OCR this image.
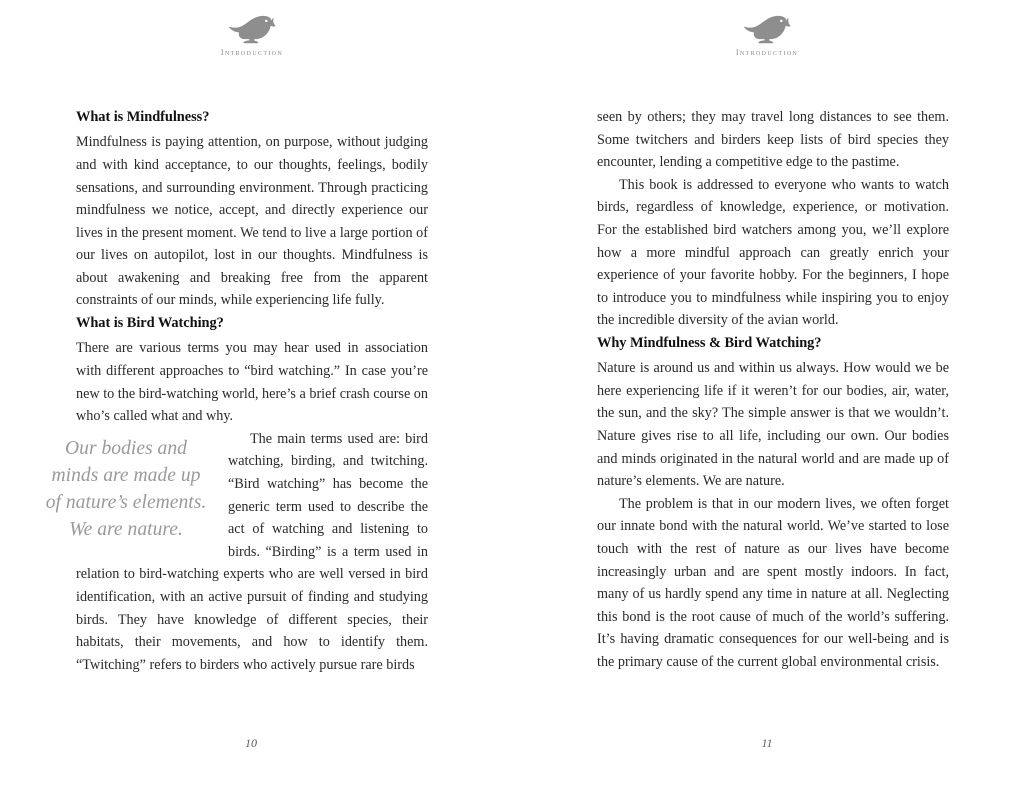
introduction
What is Mindfulness?

Mindfulness is paying attention, on purpose, without judging and with kind acceptance, to our thoughts, feelings, bodily sensations, and surrounding environment. Through practicing mindfulness we notice, accept, and directly experience our lives in the present moment. We tend to live a large portion of our lives on autopilot, lost in our thoughts. Mindfulness is about awakening and breaking free from the apparent constraints of our minds, while experiencing life fully.

What is Bird Watching?

There are various terms you may hear used in association with different approaches to “bird watching.” In case you’re new to the bird-watching world, here’s a brief crash course on who’s called what and why.

Our bodies and
minds are made up
of nature’s elements.
We are nature.

The main terms used are: bird watching, birding, and twitching. “Bird watching” has become the generic term used to describe the act of watching and listening to birds. “Birding” is a term used in relation to bird-watching experts who are well versed in bird identification, with an active pursuit of finding and studying birds. They have knowledge of different species, their habitats, their movements, and how to identify them. “Twitching” refers to birders who actively pursue rare birds

10
introduction

seen by others; they may travel long distances to see them. Some twitchers and birders keep lists of bird species they encounter, lending a competitive edge to the pastime.

This book is addressed to everyone who wants to watch birds, regardless of knowledge, experience, or motivation. For the established bird watchers among you, we’ll explore how a more mindful approach can greatly enrich your experience of your favorite hobby. For the beginners, I hope to introduce you to mindfulness while inspiring you to enjoy the incredible diversity of the avian world.

Why Mindfulness & Bird Watching?

Nature is around us and within us always. How would we be here experiencing life if it weren’t for our bodies, air, water, the sun, and the sky? The simple answer is that we wouldn’t. Nature gives rise to all life, including our own. Our bodies and minds originated in the natural world and are made up of nature’s elements. We are nature.

The problem is that in our modern lives, we often forget our innate bond with the natural world. We’ve started to lose touch with the rest of nature as our lives have become increasingly urban and are spent mostly indoors. In fact, many of us hardly spend any time in nature at all. Neglecting this bond is the root cause of much of the world’s suffering. It’s having dramatic consequences for our well-being and is the primary cause of the current global environmental crisis.

11
